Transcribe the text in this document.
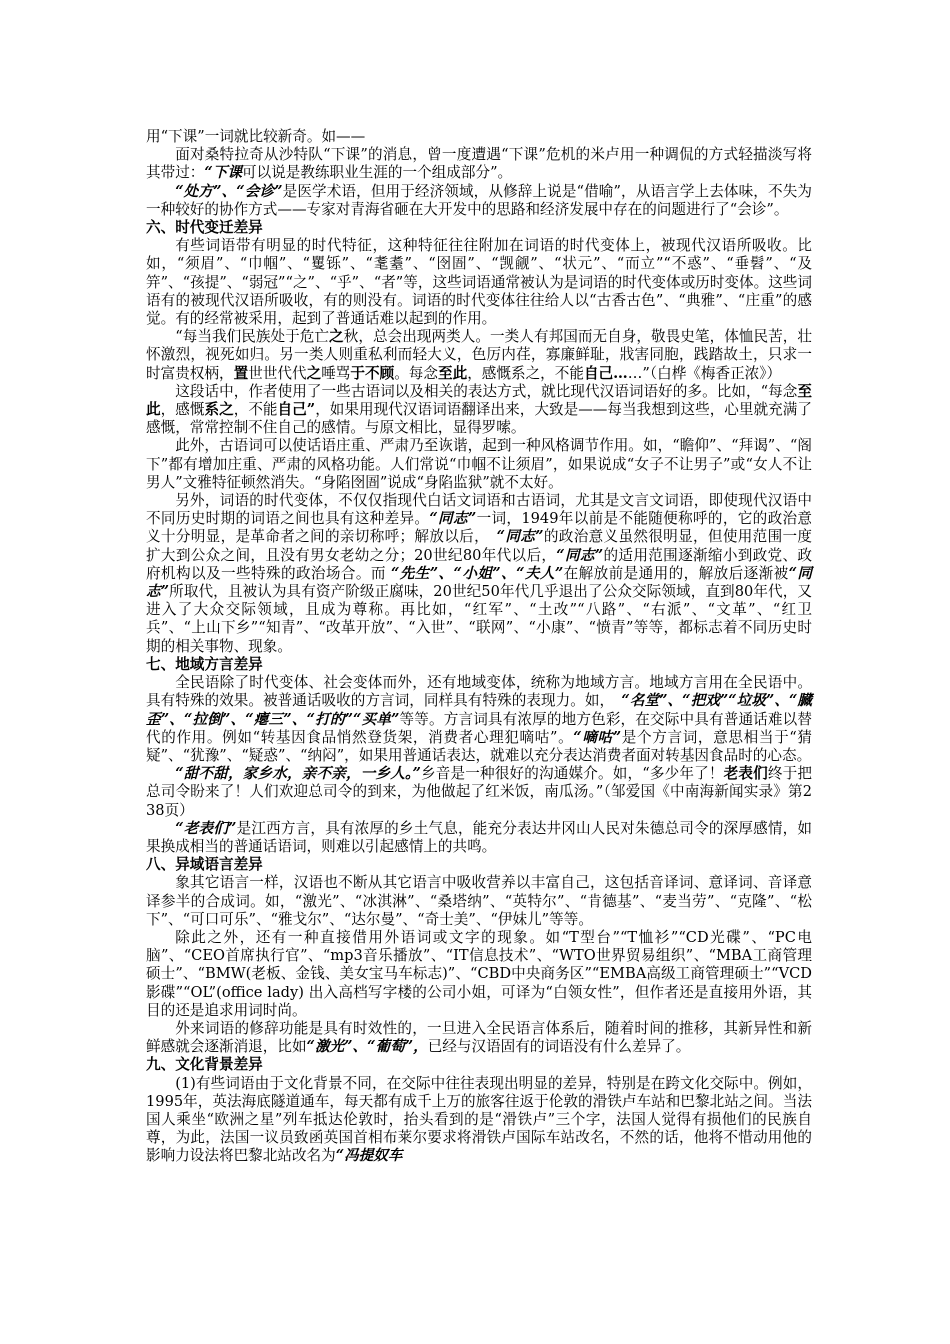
用“下课”一词就比较新奇。如——

面对桑特拉奇从沙特队“下课”的消息，曾一度遭遇“下课”危机的米卢用一种调侃的方式轻描淡写将其带过：“下课可以说是教练职业生涯的一个组成部分”。

“处方”、“会诊”是医学术语，但用于经济领域，从修辞上说是“借喻”，从语言学上去体味，不失为一种较好的协作方式——专家对青海省砸在大开发中的思路和经济发展中存在的问题进行了“会诊”。

六、时代变迁差异

有些词语带有明显的时代特征，这种特征往往附加在词语的时代变体上，被现代汉语所吸收。比如，“须眉”、“巾帼”、“矍铄”、“耄耋”、“囹圄”、“觊觎”、“状元”、“而立”“不惑”、“垂髫”、“及笄”、“孩提”、“弱冠”“之”、“乎”、“者”等，这些词语通常被认为是词语的时代变体或历时变体。这些词语有的被现代汉语所吸收，有的则没有。词语的时代变体往往给人以“古香古色”、“典雅”、“庄重”的感觉。有的经常被采用，起到了普通话难以起到的作用。

“每当我们民族处于危亡之秋，总会出现两类人。一类人有邦国而无自身，敬畏史笔，体恤民苦，壮怀激烈，视死如归。另一类人则重私利而轻大义，色厉内荏，寡廉鲜耻，戕害同胞，践踏故土，只求一时富贵权柄，置世世代代之唾骂于不顾。每念至此，感慨系之，不能自己……”（白桦《梅香正浓》）

这段话中，作者使用了一些古语词以及相关的表达方式，就比现代汉语词语好的多。比如，“每念至此，感慨系之，不能自己”，如果用现代汉语词语翻译出来，大致是——每当我想到这些，心里就充满了感慨，常常控制不住自己的感情。与原文相比，显得罗嗦。

此外，古语词可以使话语庄重、严肃乃至诙谐，起到一种风格调节作用。如，“瞻仰”、“拜谒”、“阁下”都有增加庄重、严肃的风格功能。人们常说“巾帼不让须眉”，如果说成“女子不让男子”或“女人不让男人”文雅特征顿然消失。“身陷囹圄”说成“身陷监狱”就不太好。

另外，词语的时代变体，不仅仅指现代白话文词语和古语词，尤其是文言文词语，即使现代汉语中不同历史时期的词语之间也具有这种差异。“同志”一词，1949年以前是不能随便称呼的，它的政治意义十分明显，是革命者之间的亲切称呼；解放以后，　“同志”的政治意义虽然很明显，但使用范围一度扩大到公众之间，且没有男女老幼之分；20世纪80年代以后，“同志”的适用范围逐渐缩小到政党、政府机构以及一些特殊的政治场合。而 “先生”、“小姐”、“夫人”在解放前是通用的，解放后逐渐被“同志”所取代，且被认为具有资产阶级正腐味，20世纪50年代几乎退出了公众交际领域，直到80年代，又进入了大众交际领域，且成为尊称。再比如，“红军”、“土改”“八路”、“右派”、“文革”、“红卫兵”、“上山下乡”“知青”、“改革开放”、“入世”、“联网”、“小康”、“愤青”等等，都标志着不同历史时期的相关事物、现象。

七、地域方言差异

全民语除了时代变体、社会变体而外，还有地域变体，统称为地域方言。地域方言用在全民语中。具有特殊的效果。被普通话吸收的方言词，同样具有特殊的表现力。如，　“名堂”、“把戏”“垃圾”、“臓歪”、“拉倒”、“瘪三”、“打的”“买单”等等。方言词具有浓厚的地方色彩，在交际中具有普通话难以替代的作用。例如“转基因食品悄然登货架，消费者心理犯嘀咕”。“嘀咕”是个方言词，意思相当于“猜疑”、“犹豫”、“疑惑”、“纳闷”，如果用普通话表达，就难以充分表达消费者面对转基因食品时的心态。

“甜不甜，家乡水，亲不亲，一乡人。”乡音是一种很好的沟通媒介。如，“多少年了！老表们终于把总司令盼来了！人们欢迎总司令的到来，为他做起了红米饭，南瓜汤。”（邹爱国《中南海新闻实录》第238页）

“老表们”是江西方言，具有浓厚的乡土气息，能充分表达井冈山人民对朱德总司令的深厚感情，如果换成相当的普通话语词，则难以引起感情上的共鸣。

八、异域语言差异

象其它语言一样，汉语也不断从其它语言中吸收营养以丰富自己，这包括音译词、意译词、音译意译参半的合成词。如，“激光”、“冰淇淋”、“桑塔纳”、“英特尔”、“肯德基”、“麦当劳”、“克隆”、“松下”、“可口可乐”、“雅戈尔”、“达尔曼”、“奇士美”、“伊妹儿”等等。

除此之外，还有一种直接借用外语词或文字的现象。如“T型台”“T恤衫”“CD光碟”、“PC电脑”、“CEO首席执行官”、“mp3音乐播放”、“IT信息技术”、“WTO世界贸易组织”、“MBA工商管理硕士”、“BMW(老板、金钱、美女宝马车标志)”、“CBD中央商务区”“EMBA高级工商管理硕士”“VCD影碟”“OL”(office lady) 出入高档写字楼的公司小姐，可译为“白领女性”，但作者还是直接用外语，其目的还是追求用词时尚。

外来词语的修辞功能是具有时效性的，一旦进入全民语言体系后，随着时间的推移，其新异性和新鲜感就会逐渐消退，比如“激光”、“葡萄”，已经与汉语固有的词语没有什么差异了。

九、文化背景差异

(1)有些词语由于文化背景不同，在交际中往往表现出明显的差异，特别是在跨文化交际中。例如，1995年，英法海底隧道通车，每天都有成千上万的旅客往返于伦敦的滑铁卢车站和巴黎北站之间。当法国人乘坐“欧洲之星”列车抵达伦敦时，抬头看到的是“滑铁卢”三个字，法国人觉得有损他们的民族自尊，为此，法国一议员致函英国首相布莱尔要求将滑铁卢国际车站改名，不然的话，他将不惜动用他的影响力设法将巴黎北站改名为“冯提奴车
